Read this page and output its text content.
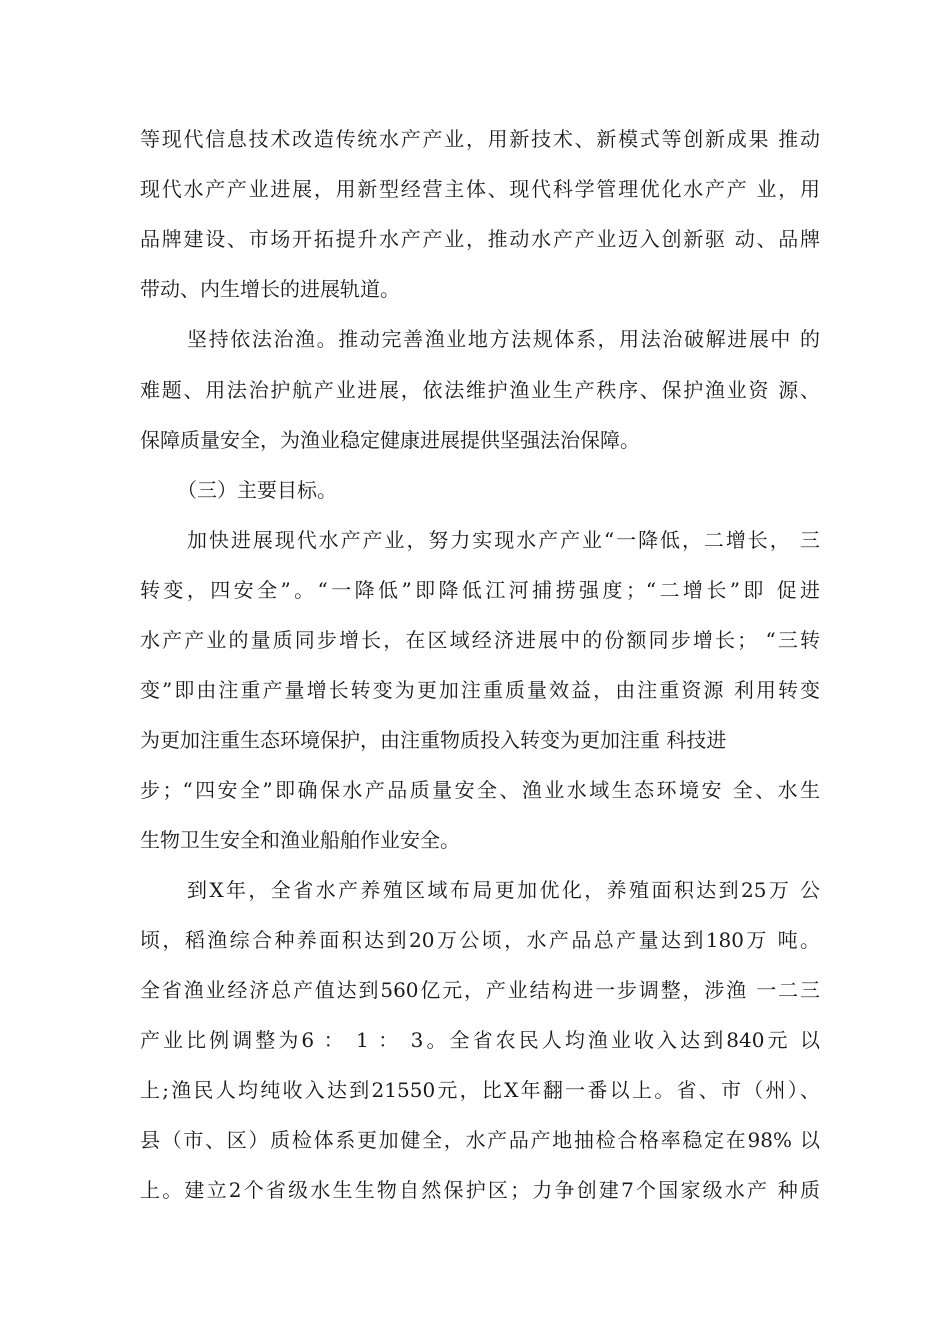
等现代信息技术改造传统水产产业，用新技术、新模式等创新成果 推动
现代水产产业进展，用新型经营主体、现代科学管理优化水产产 业，用
品牌建设、市场开拓提升水产产业，推动水产产业迈入创新驱 动、品牌
带动、内生增长的进展轨道。
坚持依法治渔。推动完善渔业地方法规体系，用法治破解进展中 的
难题、用法治护航产业进展，依法维护渔业生产秩序、保护渔业资 源、
保障质量安全，为渔业稳定健康进展提供坚强法治保障。
（三）主要目标。
加快进展现代水产产业，努力实现水产产业“一降低，二增长， 三
转变，四安全”。“一降低”即降低江河捕捞强度；“二增长”即 促进
水产产业的量质同步增长，在区域经济进展中的份额同步增长； “三转
变”即由注重产量增长转变为更加注重质量效益，由注重资源 利用转变
为更加注重生态环境保护，由注重物质投入转变为更加注重 科技进
步；“四安全”即确保水产品质量安全、渔业水域生态环境安 全、水生
生物卫生安全和渔业船舶作业安全。
到X年，全省水产养殖区域布局更加优化，养殖面积达到25万 公
顷，稻渔综合种养面积达到20万公顷，水产品总产量达到180万 吨。
全省渔业经济总产值达到560亿元，产业结构进一步调整，涉渔 一二三
产业比例调整为6 ： 1 ： 3。全省农民人均渔业收入达到840元 以
上;渔民人均纯收入达到21550元，比X年翻一番以上。省、市（州）、
县（市、区）质检体系更加健全，水产品产地抽检合格率稳定在98% 以
上。建立2个省级水生生物自然保护区；力争创建7个国家级水产 种质
